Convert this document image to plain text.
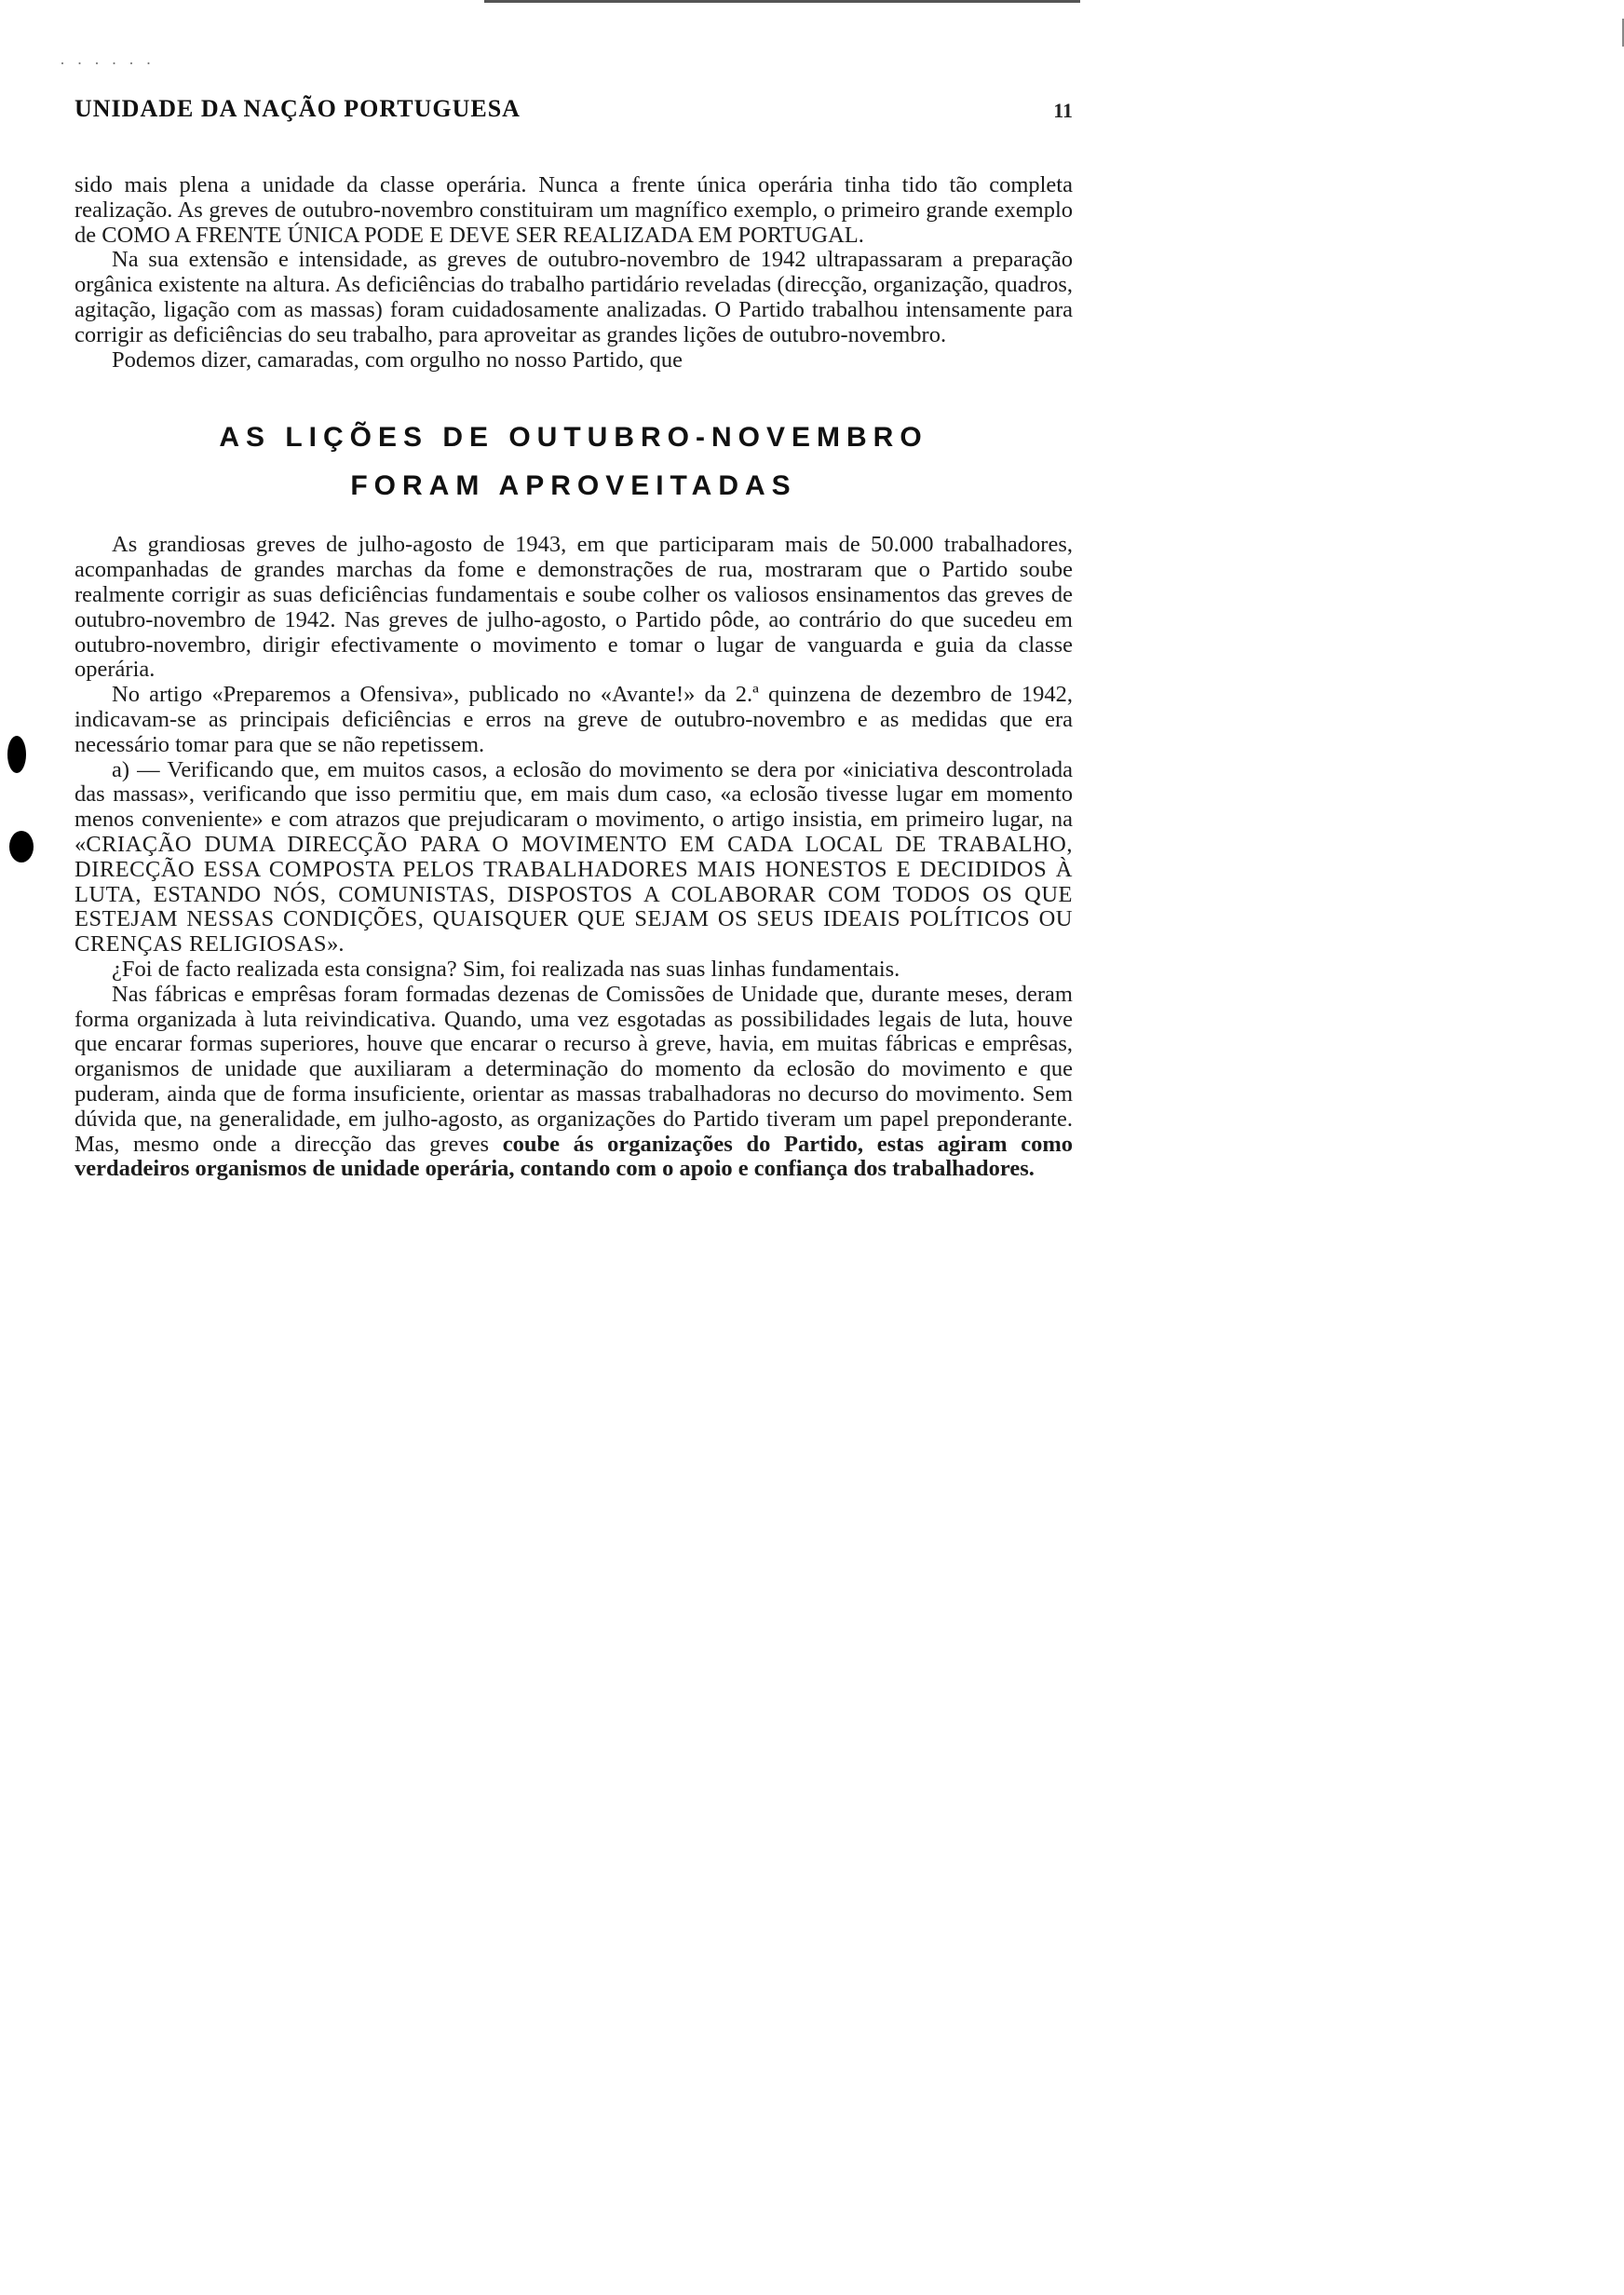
· · · · · ·
UNIDADE DA NAÇÃO PORTUGUESA	11

sido mais plena a unidade da classe operária. Nunca a frente única operária tinha tido tão completa realização. As greves de outubro-novembro constituiram um magnífico exemplo, o primeiro grande exemplo de COMO A FRENTE ÚNICA PODE E DEVE SER REALIZADA EM PORTUGAL.

Na sua extensão e intensidade, as greves de outubro-novembro de 1942 ultrapassaram a preparação orgânica existente na altura. As deficiências do trabalho partidário reveladas (direcção, organização, quadros, agitação, ligação com as massas) foram cuidadosamente analizadas. O Partido trabalhou intensamente para corrigir as deficiências do seu trabalho, para aproveitar as grandes lições de outubro-novembro.

Podemos dizer, camaradas, com orgulho no nosso Partido, que

AS LIÇÕES DE OUTUBRO-NOVEMBRO
FORAM APROVEITADAS

As grandiosas greves de julho-agosto de 1943, em que participaram mais de 50.000 trabalhadores, acompanhadas de grandes marchas da fome e demonstrações de rua, mostraram que o Partido soube realmente corrigir as suas deficiências fundamentais e soube colher os valiosos ensinamentos das greves de outubro-novembro de 1942. Nas greves de julho-agosto, o Partido pôde, ao contrário do que sucedeu em outubro-novembro, dirigir efectivamente o movimento e tomar o lugar de vanguarda e guia da classe operária.

No artigo «Preparemos a Ofensiva», publicado no «Avante!» da 2.ª quinzena de dezembro de 1942, indicavam-se as principais deficiências e erros na greve de outubro-novembro e as medidas que era necessário tomar para que se não repetissem.

a) — Verificando que, em muitos casos, a eclosão do movimento se dera por «iniciativa descontrolada das massas», verificando que isso permitiu que, em mais dum caso, «a eclosão tivesse lugar em momento menos conveniente» e com atrazos que prejudicaram o movimento, o artigo insistia, em primeiro lugar, na «CRIAÇÃO DUMA DIRECÇÃO PARA O MOVIMENTO EM CADA LOCAL DE TRABALHO, DIRECÇÃO ESSA COMPOSTA PELOS TRABALHADORES MAIS HONESTOS E DECIDIDOS À LUTA, ESTANDO NÓS, COMUNISTAS, DISPOSTOS A COLABORAR COM TODOS OS QUE ESTEJAM NESSAS CONDIÇÕES, QUAISQUER QUE SEJAM OS SEUS IDEAIS POLÍTICOS OU CRENÇAS RELIGIOSAS».

¿Foi de facto realizada esta consigna? Sim, foi realizada nas suas linhas fundamentais.

Nas fábricas e emprêsas foram formadas dezenas de Comissões de Unidade que, durante meses, deram forma organizada à luta reivindicativa. Quando, uma vez esgotadas as possibilidades legais de luta, houve que encarar formas superiores, houve que encarar o recurso à greve, havia, em muitas fábricas e emprêsas, organismos de unidade que auxiliaram a determinação do momento da eclosão do movimento e que puderam, ainda que de forma insuficiente, orientar as massas trabalhadoras no decurso do movimento. Sem dúvida que, na generalidade, em julho-agosto, as organizações do Partido tiveram um papel preponderante. Mas, mesmo onde a direcção das greves coube ás organizações do Partido, estas agiram como verdadeiros organismos de unidade operária, contando com o apoio e confiança dos trabalhadores.
